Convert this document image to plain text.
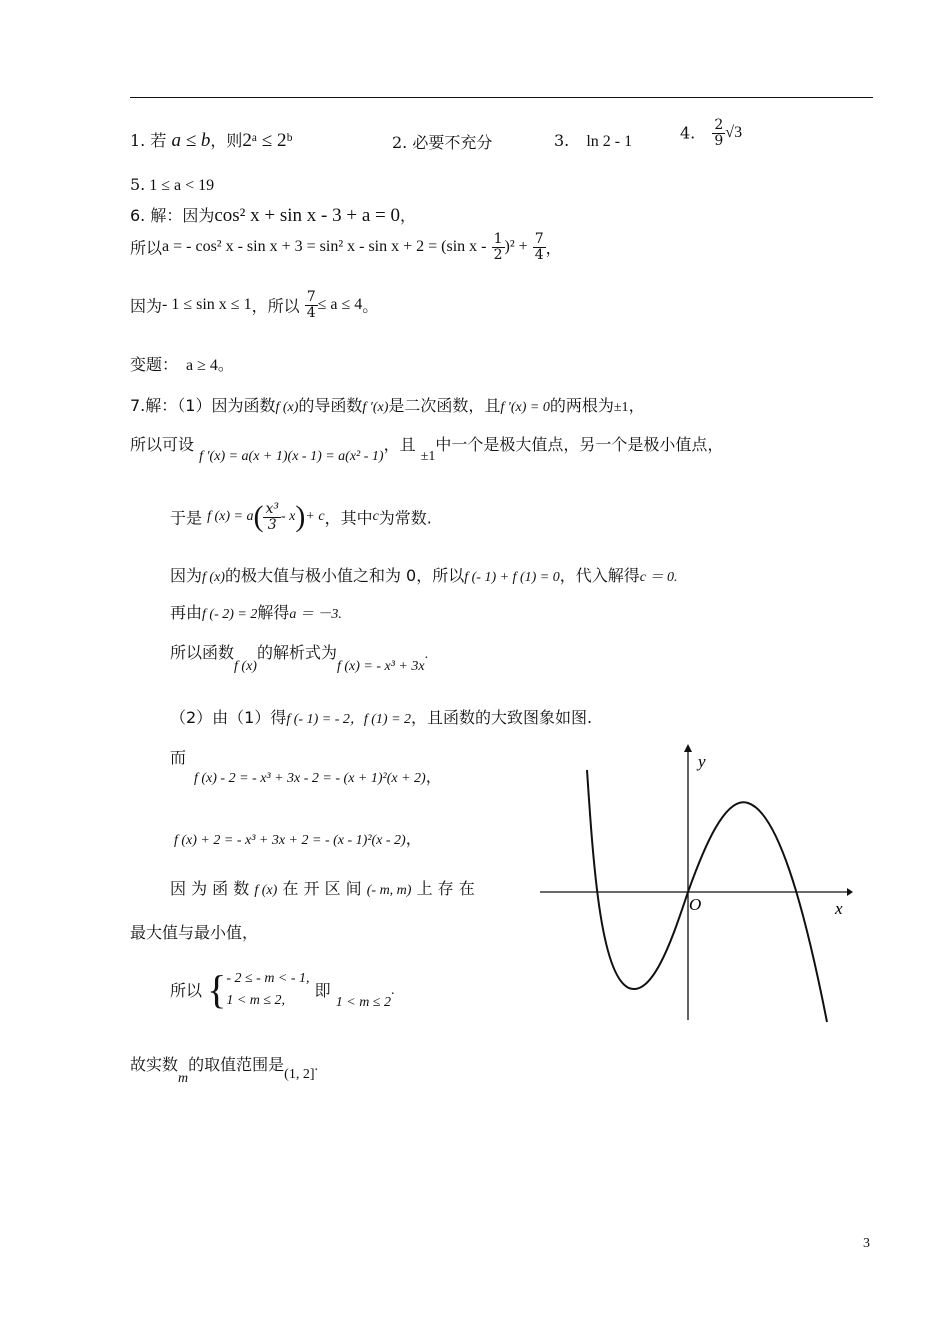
1. 若 a ≤ b，则2ᵃ ≤ 2ᵇ	2. 必要不充分	3. ln 2 - 1	4. $\frac{2}{9} √3$
5. 1 ≤ a < 19
6. 解：因为cos² x + sin x - 3 + a = 0，
所以a = - cos² x - sin x + 3 = sin² x - sin x + 2 = (sin $x - \frac{1}{2} )^2 + \frac{7}{4}$ ，
因为- 1 ≤ sin x ≤ 1，所以 $\frac{7}{4} \le a \le 4$。
变题： a ≥ 4。
7.解：（1）因为函数f (x)的导函数f ′(x)是二次函数，且f ′(x) = 0的两根为±1，
所以可设 f ′(x) = a(x + 1)(x - 1) = a(x² - 1)，且 ±1中一个是极大值点，另一个是极小值点，
于是 f $(x) = a( \frac{\text{x³}}{3} - x)+ c$，其中c为常数.
因为f (x)的极大值与极小值之和为 0，所以f (- 1) + f (1) = 0，代入解得c ＝ 0.
再由f (- 2) = 2解得a ＝ －3.
所以函数f (x)的解析式为f (x) = - x³ + 3x.
（2）由（1）得f (- 1) = - 2，f (1) = 2，且函数的大致图象如图.
而
f (x) - 2 = - x³ + 3x - 2 = - (x + 1)²(x + 2)，
f (x) + 2 = - x³ + 3x + 2 = - (x - 1)²(x - 2)，
因 为 函 数 f (x) 在 开 区 间 (- m, m) 上 存 在
最大值与最小值，
所以 { - 2 ≤ - m < - 1,
1 < m ≤ 2,	即 1 < m ≤ 2.
故实数m的取值范围是(1, 2].
y
x
O
3
